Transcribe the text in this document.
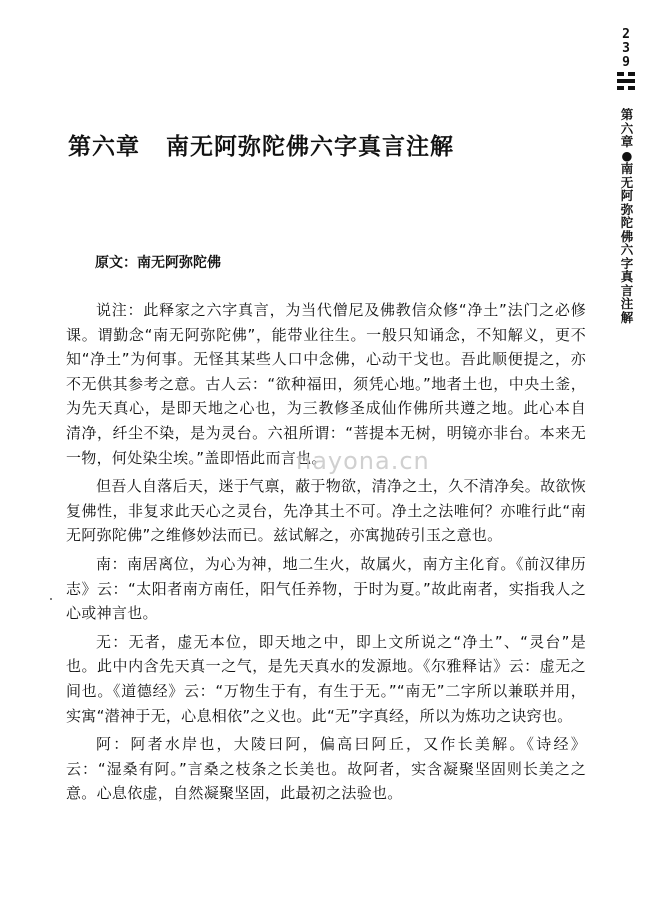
2
3
9
第六章●南无阿弥陀佛六字真言注解
第六章 南无阿弥陀佛六字真言注解
原文：南无阿弥陀佛

说注：此释家之六字真言，为当代僧尼及佛教信众修“净土”法门之必修课。谓勤念“南无阿弥陀佛”，能带业往生。一般只知诵念，不知解义，更不知“净土”为何事。无怪其某些人口中念佛，心动干戈也。吾此顺便提之，亦不无供其参考之意。古人云：“欲种福田，须凭心地。”地者土也，中央土釜，为先天真心，是即天地之心也，为三教修圣成仙作佛所共遵之地。此心本自清净，纤尘不染，是为灵台。六祖所谓：“菩提本无树，明镜亦非台。本来无一物，何处染尘埃。”盖即悟此而言也。

但吾人自落后天，迷于气禀，蔽于物欲，清净之土，久不清净矣。故欲恢复佛性，非复求此天心之灵台，先净其土不可。净土之法唯何？亦唯行此“南无阿弥陀佛”之维修妙法而已。兹试解之，亦寓抛砖引玉之意也。

南：南居离位，为心为神，地二生火，故属火，南方主化育。《前汉律历志》云：“太阳者南方南任，阳气任养物，于时为夏。”故此南者，实指我人之心或神言也。

无：无者，虚无本位，即天地之中，即上文所说之“净土”、“灵台”是也。此中内含先天真一之气，是先天真水的发源地。《尔雅释诂》云：虚无之间也。《道德经》云：“万物生于有，有生于无。”“南无”二字所以兼联并用，实寓“潜神于无，心息相依”之义也。此“无”字真经，所以为炼功之诀窍也。

阿：阿者水岸也，大陵曰阿，偏高曰阿丘，又作长美解。《诗经》云：“湿桑有阿。”言桑之枝条之长美也。故阿者，实含凝聚坚固则长美之之意。心息依虚，自然凝聚坚固，此最初之法验也。

nayona.cn
